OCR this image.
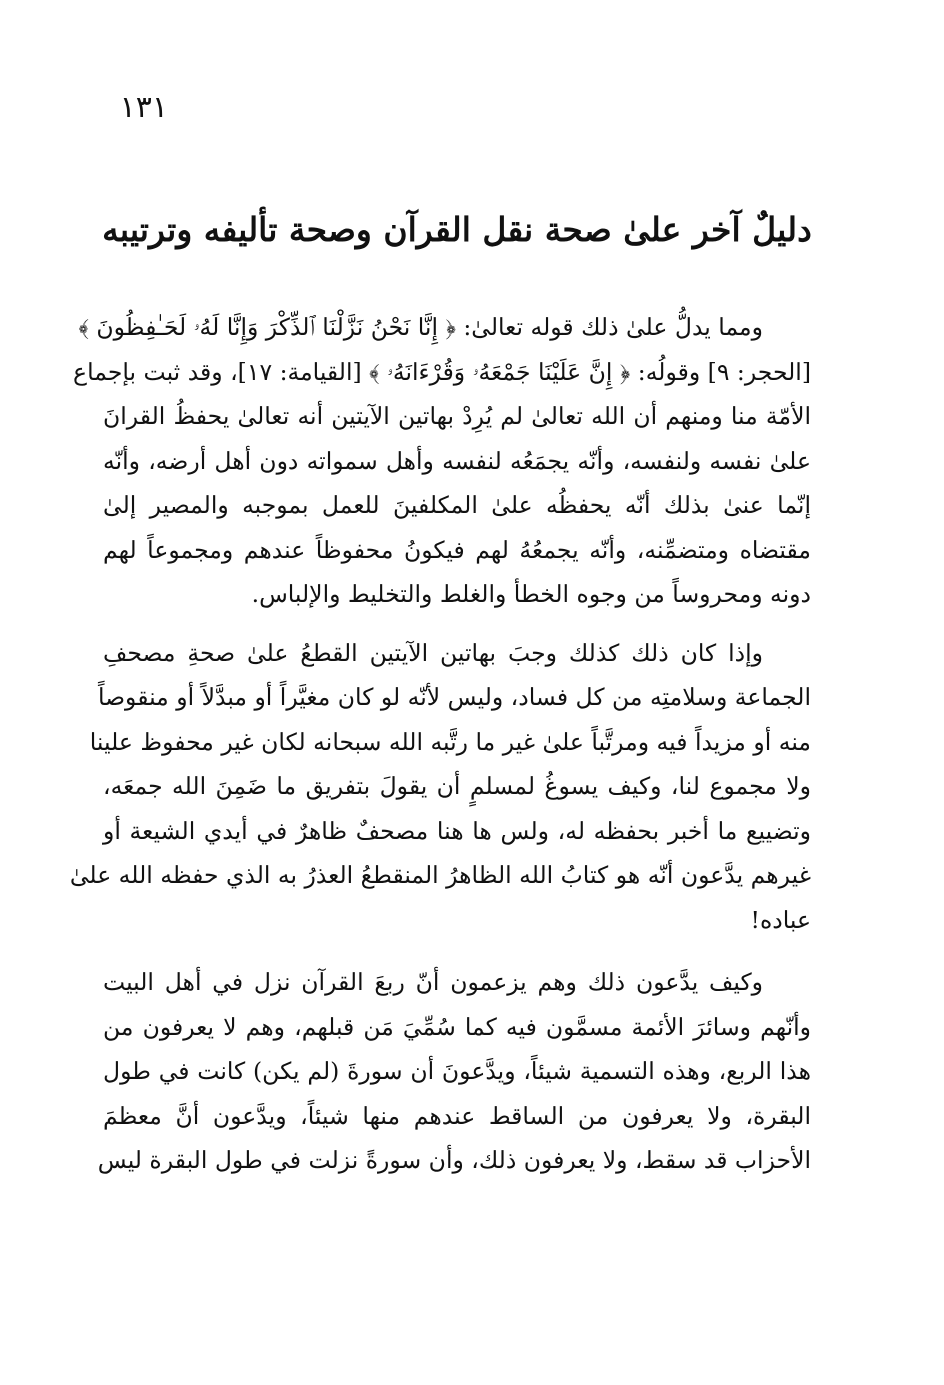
١٣١
دليلٌ آخر علىٰ صحة نقل القرآن وصحة تأليفه وترتيبه
ومما يدلُّ علىٰ ذلك قوله تعالىٰ: ﴿ إِنَّا نَحْنُ نَزَّلْنَا ٱلذِّكْرَ وَإِنَّا لَهُۥ لَحَـٰفِظُونَ ﴾
[الحجر: ٩] وقولُه: ﴿ إِنَّ عَلَيْنَا جَمْعَهُۥ وَقُرْءَانَهُۥ ﴾ [القيامة: ١٧]، وقد ثبت بإجماع
الأمّة منا ومنهم أن الله تعالىٰ لم يُرِدْ بهاتين الآيتين أنه تعالىٰ يحفظُ القرانَ
علىٰ نفسه ولنفسه، وأنّه يجمَعُه لنفسه وأهل سمواته دون أهل أرضه، وأنّه
إنّما عنىٰ بذلك أنّه يحفظُه علىٰ المكلفينَ للعمل بموجبه والمصير إلىٰ
مقتضاه ومتضمِّنه، وأنّه يجمعُهُ لهم فيكونُ محفوظاً عندهم ومجموعاً لهم
دونه ومحروساً من وجوه الخطأ والغلط والتخليط والإلباس.
وإذا كان ذلك كذلك وجبَ بهاتين الآيتين القطعُ علىٰ صحةِ مصحفِ
الجماعة وسلامتِه من كل فساد، وليس لأنّه لو كان مغيَّراً أو مبدَّلاً أو منقوصاً
منه أو مزيداً فيه ومرتَّباً علىٰ غير ما رتَّبه الله سبحانه لكان غير محفوظ علينا
ولا مجموع لنا، وكيف يسوغُ لمسلمٍ أن يقولَ بتفريق ما ضَمِنَ الله جمعَه،
وتضييع ما أخبر بحفظه له، ولس ها هنا مصحفٌ ظاهرٌ في أيدي الشيعة أو
غيرهم يدَّعون أنّه هو كتابُ الله الظاهرُ المنقطعُ العذرُ به الذي حفظه الله علىٰ
عباده!
وكيف يدَّعون ذلك وهم يزعمون أنّ ربعَ القرآن نزل في أهل البيت
وأنّهم وسائرَ الأئمة مسمَّون فيه كما سُمِّيَ مَن قبلهم، وهم لا يعرفون من
هذا الربع، وهذه التسمية شيئاً، ويدَّعونَ أن سورةَ (لم يكن) كانت في طول
البقرة، ولا يعرفون من الساقط عندهم منها شيئاً، ويدَّعون أنَّ معظمَ
الأحزاب قد سقط، ولا يعرفون ذلك، وأن سورةً نزلت في طول البقرة ليس
